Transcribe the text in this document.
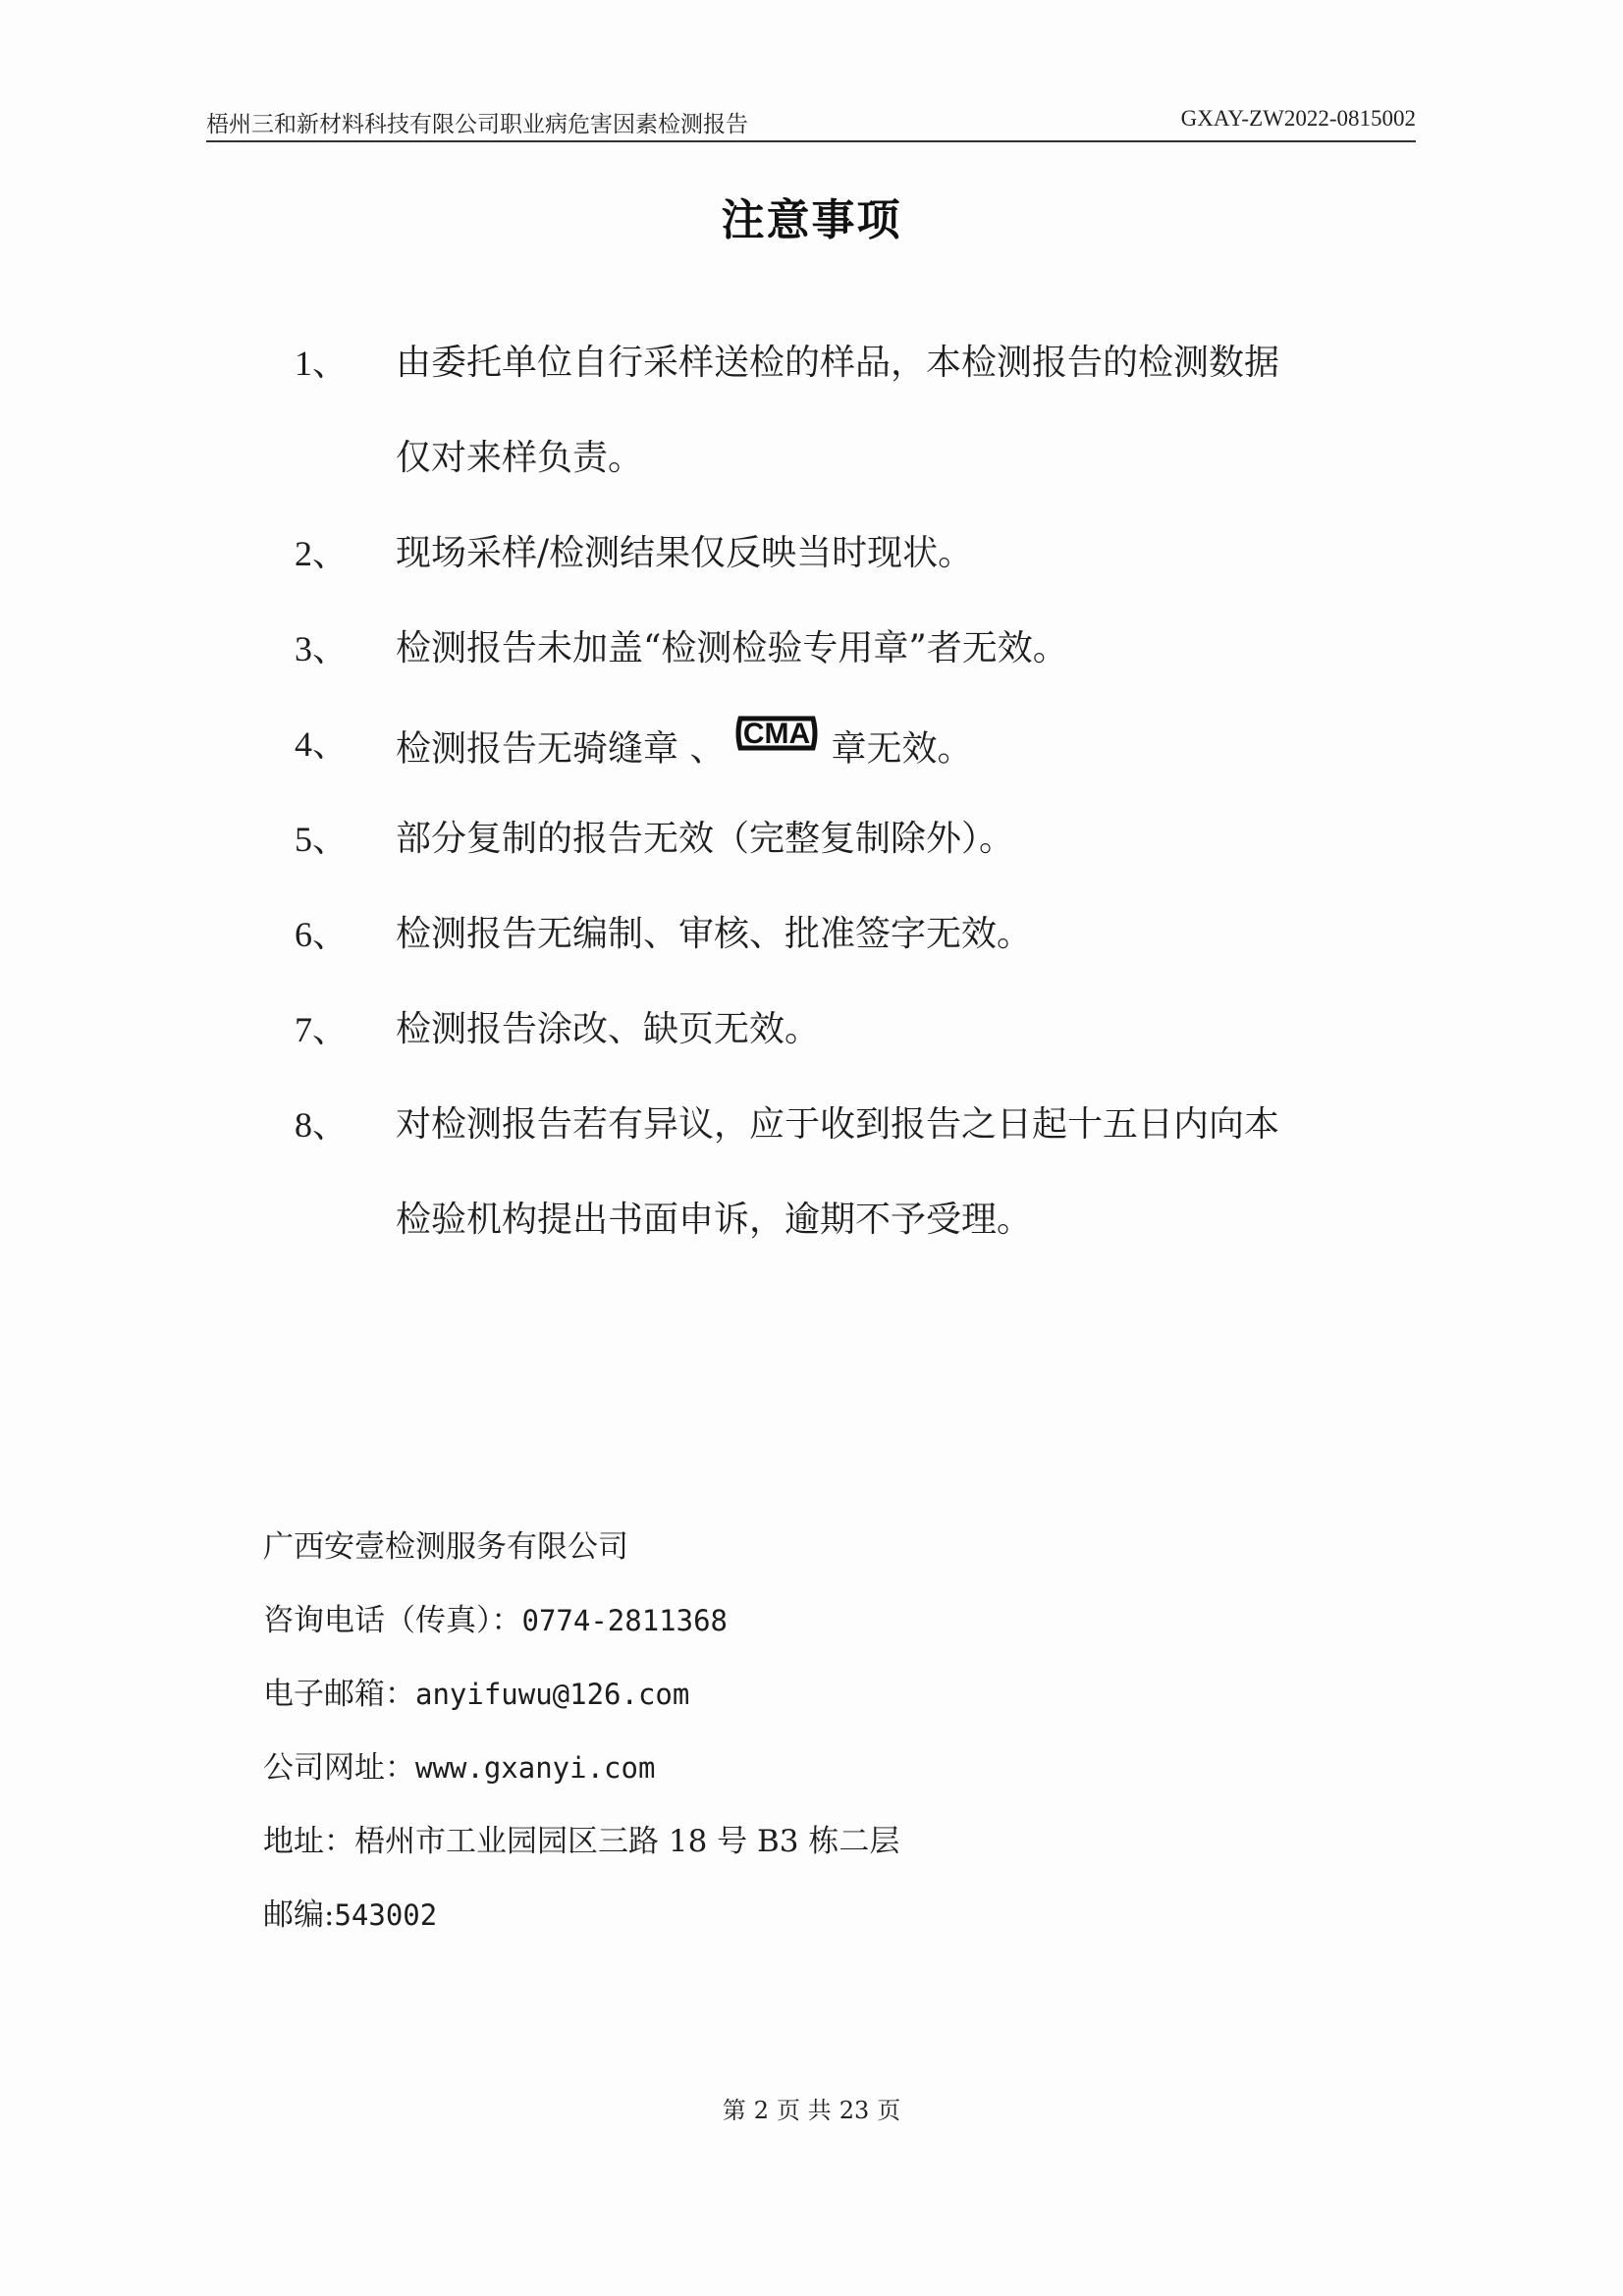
梧州三和新材料科技有限公司职业病危害因素检测报告	GXAY-ZW2022-0815002
注意事项
1、 由委托单位自行采样送检的样品，本检测报告的检测数据
仅对来样负责。
2、 现场采样/检测结果仅反映当时现状。
3、 检测报告未加盖“检测检验专用章”者无效。
4、 检测报告无骑缝章 、 CMA 章无效。
5、 部分复制的报告无效（完整复制除外）。
6、 检测报告无编制、审核、批准签字无效。
7、 检测报告涂改、缺页无效。
8、 对检测报告若有异议，应于收到报告之日起十五日内向本
检验机构提出书面申诉，逾期不予受理。
广西安壹检测服务有限公司
咨询电话（传真）：0774-2811368
电子邮箱：anyifuwu@126.com
公司网址：www.gxanyi.com
地址：梧州市工业园园区三路 18 号 B3 栋二层
邮编:543002
第 2 页 共 23 页
